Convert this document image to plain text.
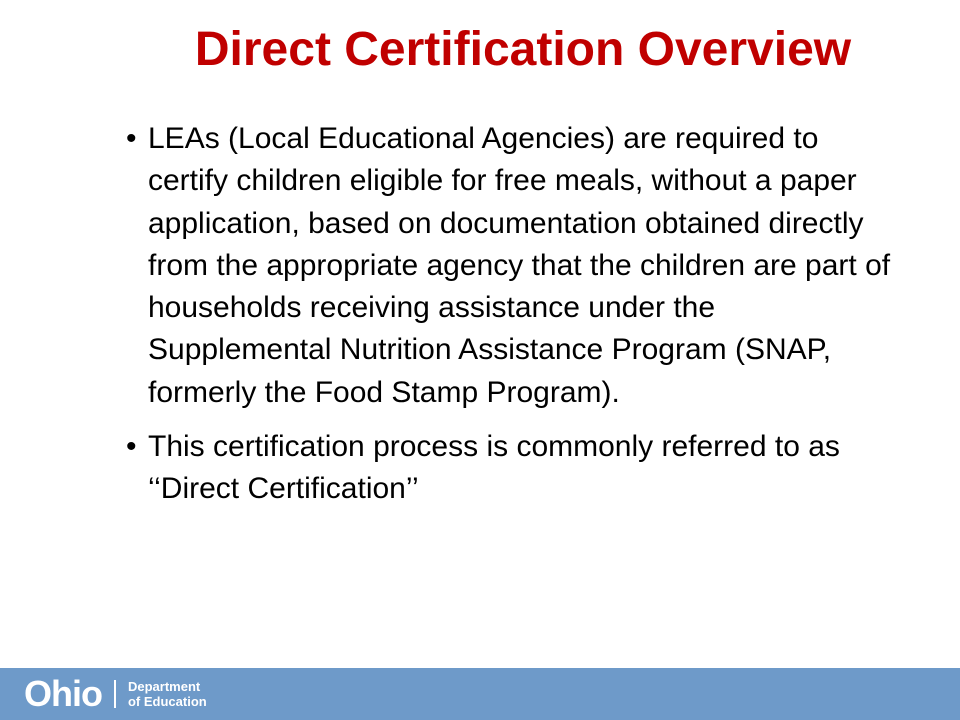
Direct Certification Overview
• LEAs (Local Educational Agencies) are required to certify children eligible for free meals, without a paper application, based on documentation obtained directly from the appropriate agency that the children are part of households receiving assistance under the Supplemental Nutrition Assistance Program (SNAP, formerly the Food Stamp Program).
• This certification process is commonly referred to as ‘‘Direct Certification’’
Ohio Department
of Education
